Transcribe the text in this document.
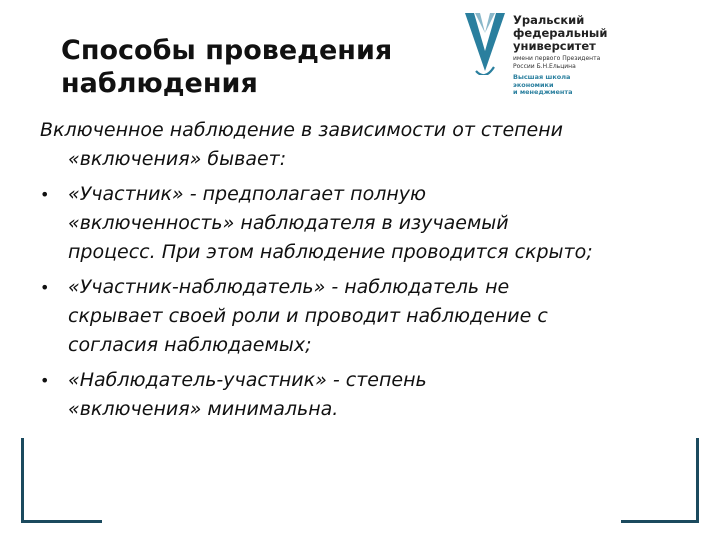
Способы проведения
наблюдения
Уральский
федеральный
университет
имени первого Президента
России Б.Н.Ельцина
Высшая школа
экономики
и менеджмента
Включенное наблюдение в зависимости от степени
«включения» бывает:
• «Участник» - предполагает полную
«включенность» наблюдателя в изучаемый
процесс. При этом наблюдение проводится скрыто;
• «Участник-наблюдатель» - наблюдатель не
скрывает своей роли и проводит наблюдение с
согласия наблюдаемых;
• «Наблюдатель-участник» - степень
«включения» минимальна.
